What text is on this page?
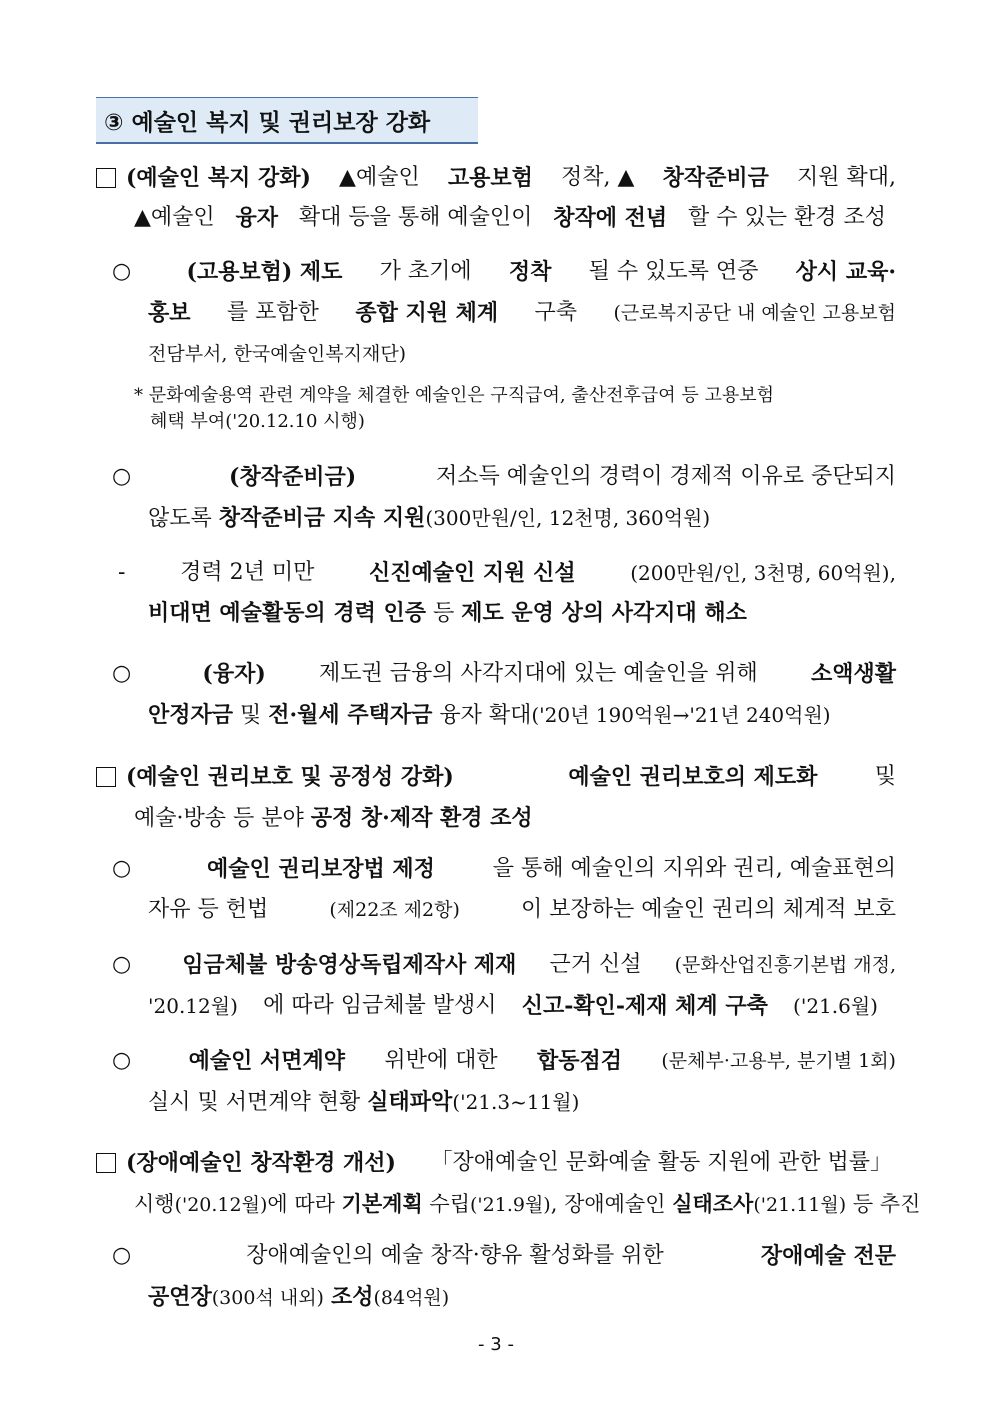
③ 예술인 복지 및 권리보장 강화
(예술인 복지 강화) ▲예술인 고용보험 정착, ▲ 창작준비금 지원 확대,
▲예술인 융자 확대 등을 통해 예술인이 창작에 전념 할 수 있는 환경 조성
○	(고용보험) 제도 가 초기에 정착 될 수 있도록 연중 상시 교육·
홍보 를 포함한 종합 지원 체계 구축 (근로복지공단 내 예술인 고용보험
전담부서, 한국예술인복지재단)
* 문화예술용역 관련 계약을 체결한 예술인은 구직급여, 출산전후급여 등 고용보험
혜택 부여('20.12.10 시행)
○	(창작준비금)	저소득 예술인의 경력이 경제적 이유로 중단되지
않도록 창작준비금 지속 지원(300만원/인, 12천명, 360억원)
- 경력 2년 미만 신진예술인 지원 신설	(200만원/인, 3천명, 60억원),
비대면 예술활동의 경력 인증 등 제도 운영 상의 사각지대 해소
○	(융자) 제도권 금융의 사각지대에 있는 예술인을 위해 소액생활
안정자금 및 전·월세 주택자금 융자 확대('20년 190억원→'21년 240억원)
(예술인 권리보호 및 공정성 강화)	예술인 권리보호의 제도화	및
예술·방송 등 분야 공정 창·제작 환경 조성
○	예술인 권리보장법 제정	을 통해 예술인의 지위와 권리, 예술표현의
자유 등 헌법	(제22조 제2항)	이 보장하는 예술인 권리의 체계적 보호
○ 임금체불 방송영상독립제작사 제재 근거 신설 (문화산업진흥기본법 개정,
'20.12월) 에 따라 임금체불 발생시 신고-확인-제재 체계 구축 ('21.6월)
○	예술인 서면계약 위반에 대한 합동점검 (문체부·고용부, 분기별 1회)
실시 및 서면계약 현황 실태파악('21.3~11월)
(장애예술인 창작환경 개선) 「장애예술인 문화예술 활동 지원에 관한 법률」
시행('20.12월)에 따라 기본계획 수립('21.9월), 장애예술인 실태조사('21.11월) 등 추진
○	장애예술인의 예술 창작·향유 활성화를 위한	장애예술 전문
공연장(300석 내외) 조성(84억원)
- 3 -
